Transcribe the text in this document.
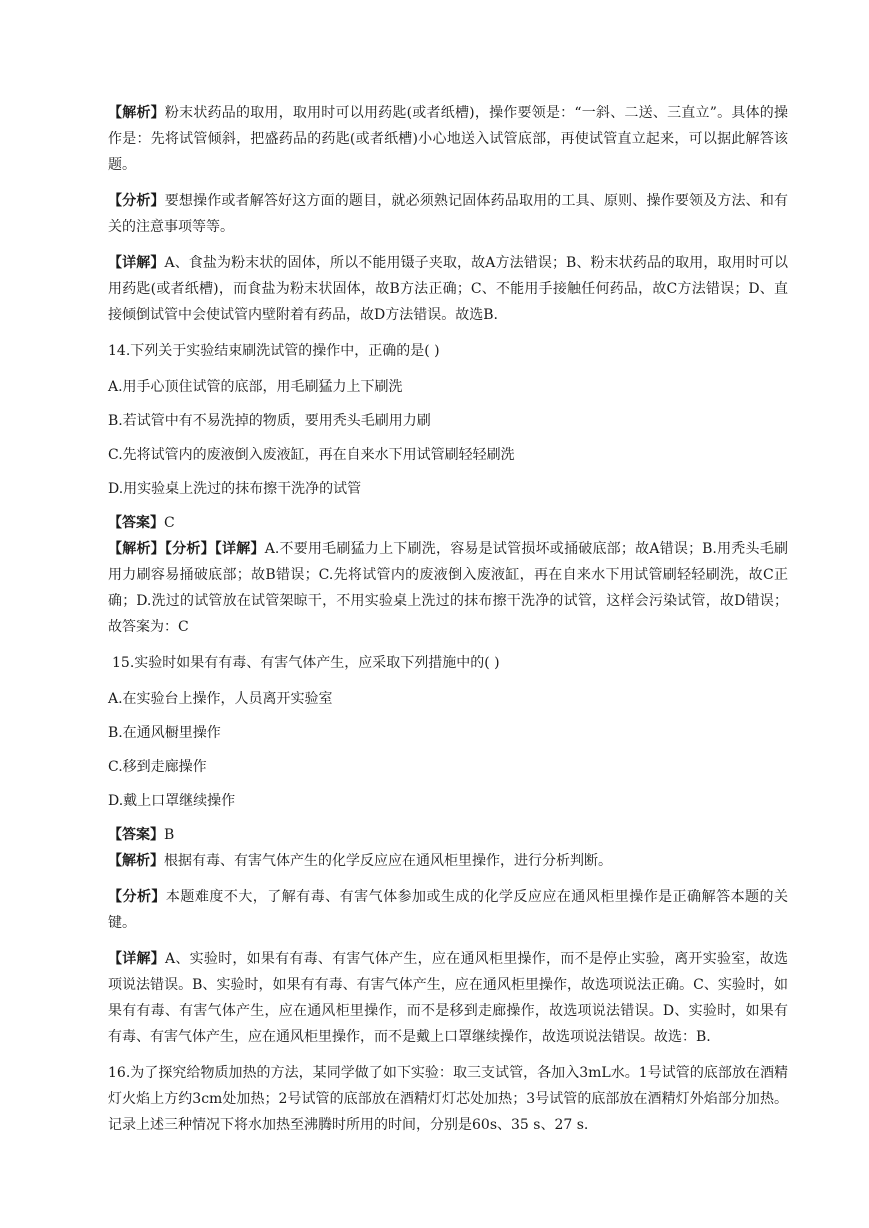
【解析】粉末状药品的取用，取用时可以用药匙(或者纸槽)，操作要领是：“一斜、二送、三直立”。具体的操作是：先将试管倾斜，把盛药品的药匙(或者纸槽)小心地送入试管底部，再使试管直立起来，可以据此解答该题。

【分析】要想操作或者解答好这方面的题目，就必须熟记固体药品取用的工具、原则、操作要领及方法、和有关的注意事项等等。

【详解】A、食盐为粉末状的固体，所以不能用镊子夹取，故A方法错误；B、粉末状药品的取用，取用时可以用药匙(或者纸槽)，而食盐为粉末状固体，故B方法正确；C、不能用手接触任何药品，故C方法错误；D、直接倾倒试管中会使试管内壁附着有药品，故D方法错误。故选B.

14.下列关于实验结束刷洗试管的操作中，正确的是( )

A.用手心顶住试管的底部，用毛刷猛力上下刷洗

B.若试管中有不易洗掉的物质，要用秃头毛刷用力刷

C.先将试管内的废液倒入废液缸，再在自来水下用试管刷轻轻刷洗

D.用实验桌上洗过的抹布擦干洗净的试管

【答案】C

【解析】【分析】【详解】A.不要用毛刷猛力上下刷洗，容易是试管损坏或捅破底部；故A错误；B.用秃头毛刷用力刷容易捅破底部；故B错误；C.先将试管内的废液倒入废液缸，再在自来水下用试管刷轻轻刷洗，故C正确；D.洗过的试管放在试管架晾干，不用实验桌上洗过的抹布擦干洗净的试管，这样会污染试管，故D错误；故答案为：C

15.实验时如果有有毒、有害气体产生，应采取下列措施中的( )

A.在实验台上操作，人员离开实验室

B.在通风橱里操作

C.移到走廊操作

D.戴上口罩继续操作

【答案】B

【解析】根据有毒、有害气体产生的化学反应应在通风柜里操作，进行分析判断。

【分析】本题难度不大，了解有毒、有害气体参加或生成的化学反应应在通风柜里操作是正确解答本题的关键。

【详解】A、实验时，如果有有毒、有害气体产生，应在通风柜里操作，而不是停止实验，离开实验室，故选项说法错误。B、实验时，如果有有毒、有害气体产生，应在通风柜里操作，故选项说法正确。C、实验时，如果有有毒、有害气体产生，应在通风柜里操作，而不是移到走廊操作，故选项说法错误。D、实验时，如果有有毒、有害气体产生，应在通风柜里操作，而不是戴上口罩继续操作，故选项说法错误。故选：B.

16.为了探究给物质加热的方法，某同学做了如下实验：取三支试管，各加入3mL水。1号试管的底部放在酒精灯火焰上方约3cm处加热；2号试管的底部放在酒精灯灯芯处加热；3号试管的底部放在酒精灯外焰部分加热。记录上述三种情况下将水加热至沸腾时所用的时间，分别是60s、35 s、27 s.
